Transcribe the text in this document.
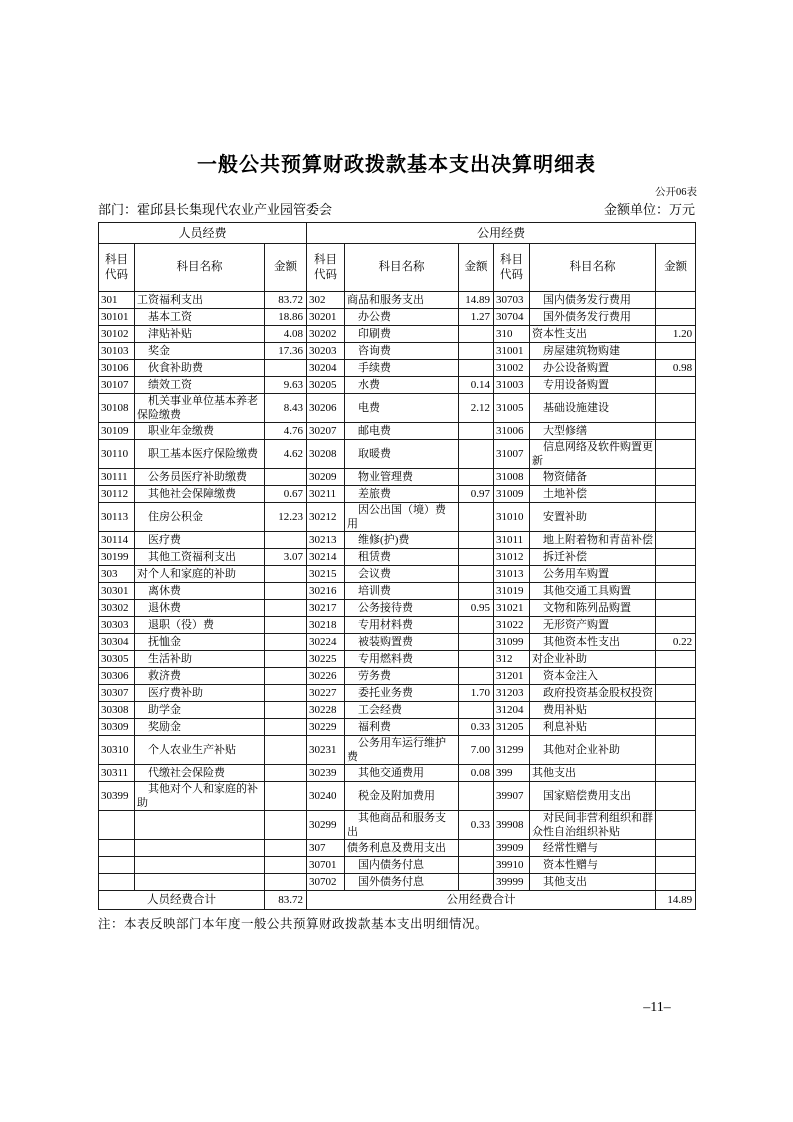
一般公共预算财政拨款基本支出决算明细表
公开06表
部门：霍邱县长集现代农业产业园管委会	金额单位：万元
人员经费			公用经费					
科目代码	科目名称	金额	科目代码	科目名称	金额	科目代码	科目名称	金额
301	工资福利支出	83.72	302	商品和服务支出	14.89	30703	国内债务发行费用	
30101	基本工资	18.86	30201	办公费	1.27	30704	国外债务发行费用	
30102	津贴补贴	4.08	30202	印刷费		310	资本性支出	1.20
30103	奖金	17.36	30203	咨询费		31001	房屋建筑物购建	
30106	伙食补助费		30204	手续费		31002	办公设备购置	0.98
30107	绩效工资	9.63	30205	水费	0.14	31003	专用设备购置	
30108	机关事业单位基本养老保险缴费	8.43	30206	电费	2.12	31005	基础设施建设	
30109	职业年金缴费	4.76	30207	邮电费		31006	大型修缮	
30110	职工基本医疗保险缴费	4.62	30208	取暖费		31007	信息网络及软件购置更新	
30111	公务员医疗补助缴费		30209	物业管理费		31008	物资储备	
30112	其他社会保障缴费	0.67	30211	差旅费	0.97	31009	土地补偿	
30113	住房公积金	12.23	30212	因公出国（境）费用		31010	安置补助	
30114	医疗费		30213	维修(护)费		31011	地上附着物和青苗补偿	
30199	其他工资福利支出	3.07	30214	租赁费		31012	拆迁补偿	
303	对个人和家庭的补助		30215	会议费		31013	公务用车购置	
30301	离休费		30216	培训费		31019	其他交通工具购置	
30302	退休费		30217	公务接待费	0.95	31021	文物和陈列品购置	
30303	退职（役）费		30218	专用材料费		31022	无形资产购置	
30304	抚恤金		30224	被装购置费		31099	其他资本性支出	0.22
30305	生活补助		30225	专用燃料费		312	对企业补助	
30306	救济费		30226	劳务费		31201	资本金注入	
30307	医疗费补助		30227	委托业务费	1.70	31203	政府投资基金股权投资	
30308	助学金		30228	工会经费		31204	费用补贴	
30309	奖励金		30229	福利费	0.33	31205	利息补贴	
30310	个人农业生产补贴		30231	公务用车运行维护费	7.00	31299	其他对企业补助	
30311	代缴社会保险费		30239	其他交通费用	0.08	399	其他支出	
30399	其他对个人和家庭的补助		30240	税金及附加费用		39907	国家赔偿费用支出	
			30299	其他商品和服务支出	0.33	39908	对民间非营利组织和群众性自治组织补贴	
			307	债务利息及费用支出		39909	经常性赠与	
			30701	国内债务付息		39910	资本性赠与	
			30702	国外债务付息		39999	其他支出	
人员经费合计		83.72	公用经费合计					14.89
注：本表反映部门本年度一般公共预算财政拨款基本支出明细情况。
–11–
